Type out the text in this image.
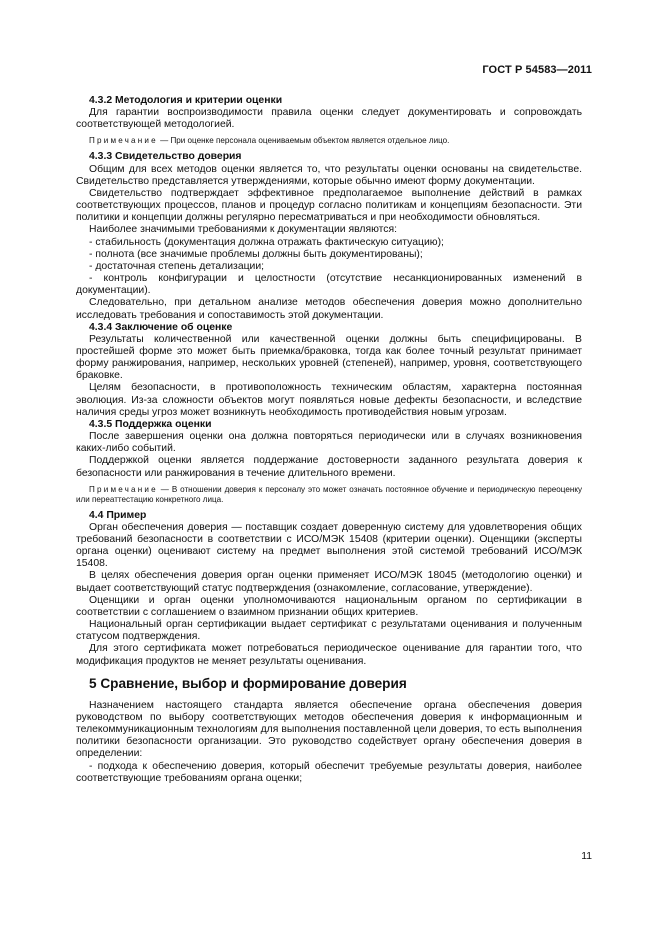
ГОСТ Р 54583—2011

4.3.2 Методология и критерии оценки

Для гарантии воспроизводимости правила оценки следует документировать и сопровождать соответствующей методологией.

Примечание — При оценке персонала оцениваемым объектом является отдельное лицо.

4.3.3 Свидетельство доверия

Общим для всех методов оценки является то, что результаты оценки основаны на свидетельстве. Свидетельство представляется утверждениями, которые обычно имеют форму документации.

Свидетельство подтверждает эффективное предполагаемое выполнение действий в рамках соответствующих процессов, планов и процедур согласно политикам и концепциям безопасности. Эти политики и концепции должны регулярно пересматриваться и при необходимости обновляться.

Наиболее значимыми требованиями к документации являются:

- стабильность (документация должна отражать фактическую ситуацию);

- полнота (все значимые проблемы должны быть документированы);

- достаточная степень детализации;

- контроль конфигурации и целостности (отсутствие несанкционированных изменений в документации).

Следовательно, при детальном анализе методов обеспечения доверия можно дополнительно исследовать требования и сопоставимость этой документации.

4.3.4 Заключение об оценке

Результаты количественной или качественной оценки должны быть специфицированы. В простейшей форме это может быть приемка/браковка, тогда как более точный результат принимает форму ранжирования, например, нескольких уровней (степеней), например, уровня, соответствующего браковке.

Целям безопасности, в противоположность техническим областям, характерна постоянная эволюция. Из-за сложности объектов могут появляться новые дефекты безопасности, и вследствие наличия среды угроз может возникнуть необходимость противодействия новым угрозам.

4.3.5 Поддержка оценки

После завершения оценки она должна повторяться периодически или в случаях возникновения каких-либо событий.

Поддержкой оценки является поддержание достоверности заданного результата доверия к безопасности или ранжирования в течение длительного времени.

Примечание — В отношении доверия к персоналу это может означать постоянное обучение и периодическую переоценку или переаттестацию конкретного лица.

4.4 Пример

Орган обеспечения доверия — поставщик создает доверенную систему для удовлетворения общих требований безопасности в соответствии с ИСО/МЭК 15408 (критерии оценки). Оценщики (эксперты органа оценки) оценивают систему на предмет выполнения этой системой требований ИСО/МЭК 15408.

В целях обеспечения доверия орган оценки применяет ИСО/МЭК 18045 (методологию оценки) и выдает соответствующий статус подтверждения (ознакомление, согласование, утверждение).

Оценщики и орган оценки уполномочиваются национальным органом по сертификации в соответствии с соглашением о взаимном признании общих критериев.

Национальный орган сертификации выдает сертификат с результатами оценивания и полученным статусом подтверждения.

Для этого сертификата может потребоваться периодическое оценивание для гарантии того, что модификация продуктов не меняет результаты оценивания.

5 Сравнение, выбор и формирование доверия

Назначением настоящего стандарта является обеспечение органа обеспечения доверия руководством по выбору соответствующих методов обеспечения доверия к информационным и телекоммуникационным технологиям для выполнения поставленной цели доверия, то есть выполнения политики безопасности организации. Это руководство содействует органу обеспечения доверия в определении:

- подхода к обеспечению доверия, который обеспечит требуемые результаты доверия, наиболее соответствующие требованиям органа оценки;

11
